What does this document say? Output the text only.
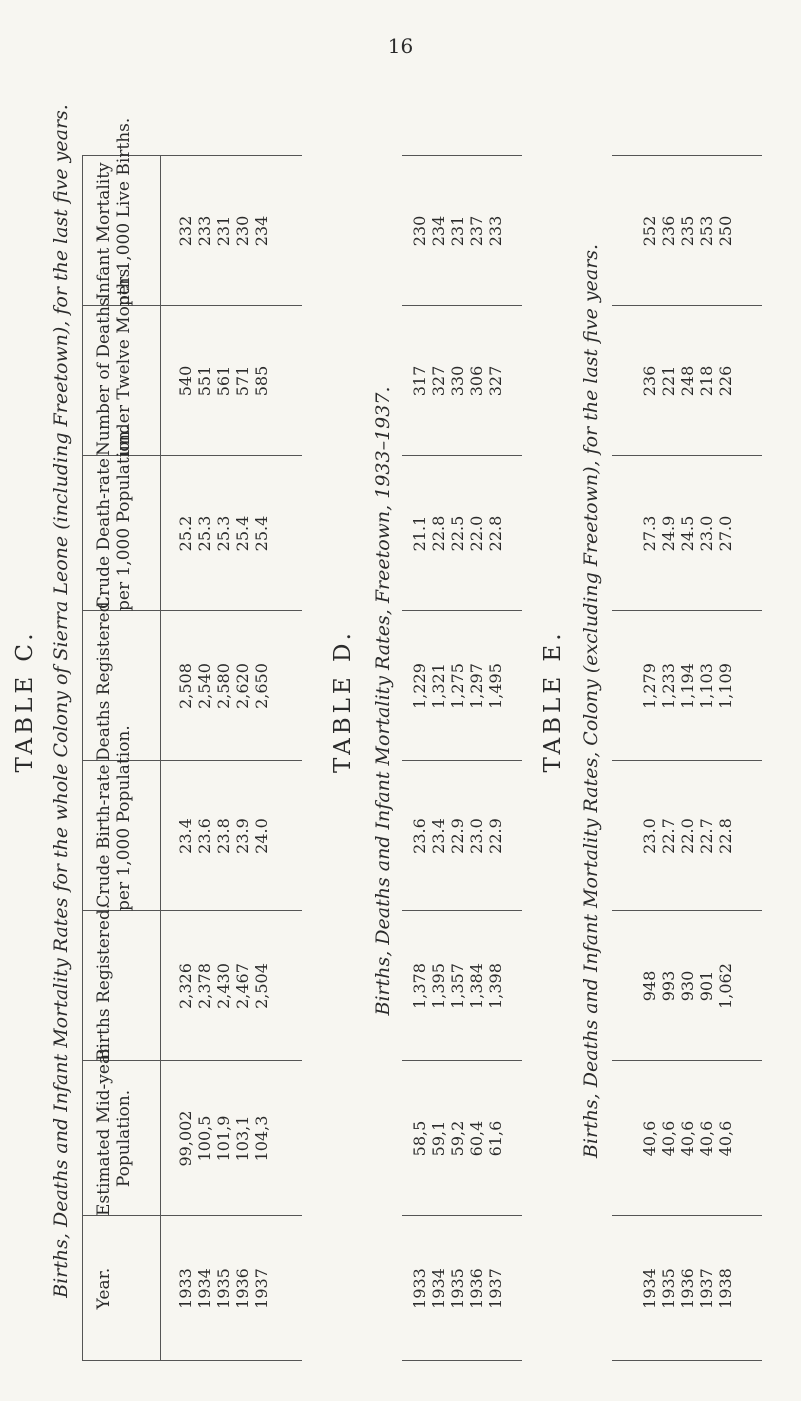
16
TABLE C. Births, Deaths and Infant Mortality Rates for the whole Colony of Sierra Leone (including Freetown), for the last five years.	TABLE D. Births, Deaths and Infant Mortality Rates, Freetown, 1933–1937.	TABLE E. Births, Deaths and Infant Mortality Rates, Colony (excluding Freetown), for the last five years.
Year.
Estimated Mid-year
Population.
Births Registered.
Crude Birth-rate
per 1,000 Population.
Deaths Registered.
Crude Death-rate
per 1,000 Population.
Number of Deaths
under Twelve Months.
Infant Mortality
per 1,000 Live Births.
1933
1934
1935
1936
1937
99,002
100,5
101,9
103,1
104,3
2,326
2,378
2,430
2,467
2,504
23.4
23.6
23.8
23.9
24.0
2,508
2,540
2,580
2,620
2,650
25.2
25.3
25.3
25.4
25.4
540
551
561
571
585
232
233
231
230
234
1933
1934
1935
1936
1937
58,5
59,1
59,2
60,4
61,6
1,378
1,395
1,357
1,384
1,398
23.6
23.4
22.9
23.0
22.9
1,229
1,321
1,275
1,297
1,495
21.1
22.8
22.5
22.0
22.8
317
327
330
306
327
230
234
231
237
233
1934
1935
1936
1937
1938
40,6
40,6
40,6
40,6
40,6
948
993
930
901
1,062
23.0
22.7
22.0
22.7
22.8
1,279
1,233
1,194
1,103
1,109
27.3
24.9
24.5
23.0
27.0
236
221
248
218
226
252
236
235
253
250
